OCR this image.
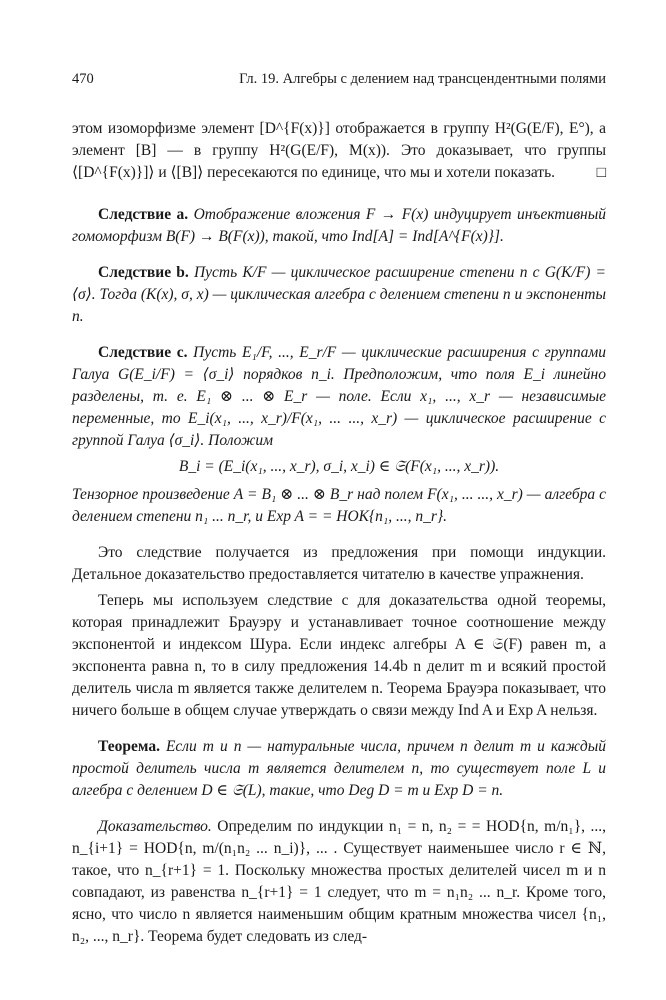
470	Гл. 19. Алгебры с делением над трансцендентными полями

этом изоморфизме элемент [D^{F(x)}] отображается в группу H²(G(E/F), E°), а элемент [B] — в группу H²(G(E/F), M(x)). Это доказывает, что группы ⟨[D^{F(x)}]⟩ и ⟨[B]⟩ пересекаются по единице, что мы и хотели показать.	□

Следствие a. Отображение вложения F → F(x) индуцирует инъективный гомоморфизм B(F) → B(F(x)), такой, что Ind[A] = Ind[A^{F(x)}].

Следствие b. Пусть K/F — циклическое расширение степени n с G(K/F) = ⟨σ⟩. Тогда (K(x), σ, x) — циклическая алгебра с делением степени n и экспоненты n.

Следствие c. Пусть E₁/F, ..., E_r/F — циклические расширения с группами Галуа G(E_i/F) = ⟨σ_i⟩ порядков n_i. Предположим, что поля E_i линейно разделены, т. е. E₁ ⊗ ... ⊗ E_r — поле. Если x₁, ..., x_r — независимые переменные, то E_i(x₁, ..., x_r)/F(x₁, ... ..., x_r) — циклическое расширение с группой Галуа ⟨σ_i⟩. Положим

B_i = (E_i(x₁, ..., x_r), σ_i, x_i) ∈ 𝔖(F(x₁, ..., x_r)).

Тензорное произведение A = B₁ ⊗ ... ⊗ B_r над полем F(x₁, ... ..., x_r) — алгебра с делением степени n₁ ... n_r, и Exp A = = НОК{n₁, ..., n_r}.

Это следствие получается из предложения при помощи индукции. Детальное доказательство предоставляется читателю в качестве упражнения.

Теперь мы используем следствие c для доказательства одной теоремы, которая принадлежит Брауэру и устанавливает точное соотношение между экспонентой и индексом Шура. Если индекс алгебры A ∈ 𝔖(F) равен m, а экспонента равна n, то в силу предложения 14.4b n делит m и всякий простой делитель числа m является также делителем n. Теорема Брауэра показывает, что ничего больше в общем случае утверждать о связи между Ind A и Exp A нельзя.

Теорема. Если m и n — натуральные числа, причем n делит m и каждый простой делитель числа m является делителем n, то существует поле L и алгебра с делением D ∈ 𝔖(L), такие, что Deg D = m и Exp D = n.

Доказательство. Определим по индукции n₁ = n, n₂ = = НОD{n, m/n₁}, ..., n_{i+1} = НОD{n, m/(n₁n₂ ... n_i)}, ... . Существует наименьшее число r ∈ ℕ, такое, что n_{r+1} = 1. Поскольку множества простых делителей чисел m и n совпадают, из равенства n_{r+1} = 1 следует, что m = n₁n₂ ... n_r. Кроме того, ясно, что число n является наименьшим общим кратным множества чисел {n₁, n₂, ..., n_r}. Теорема будет следовать из след-
